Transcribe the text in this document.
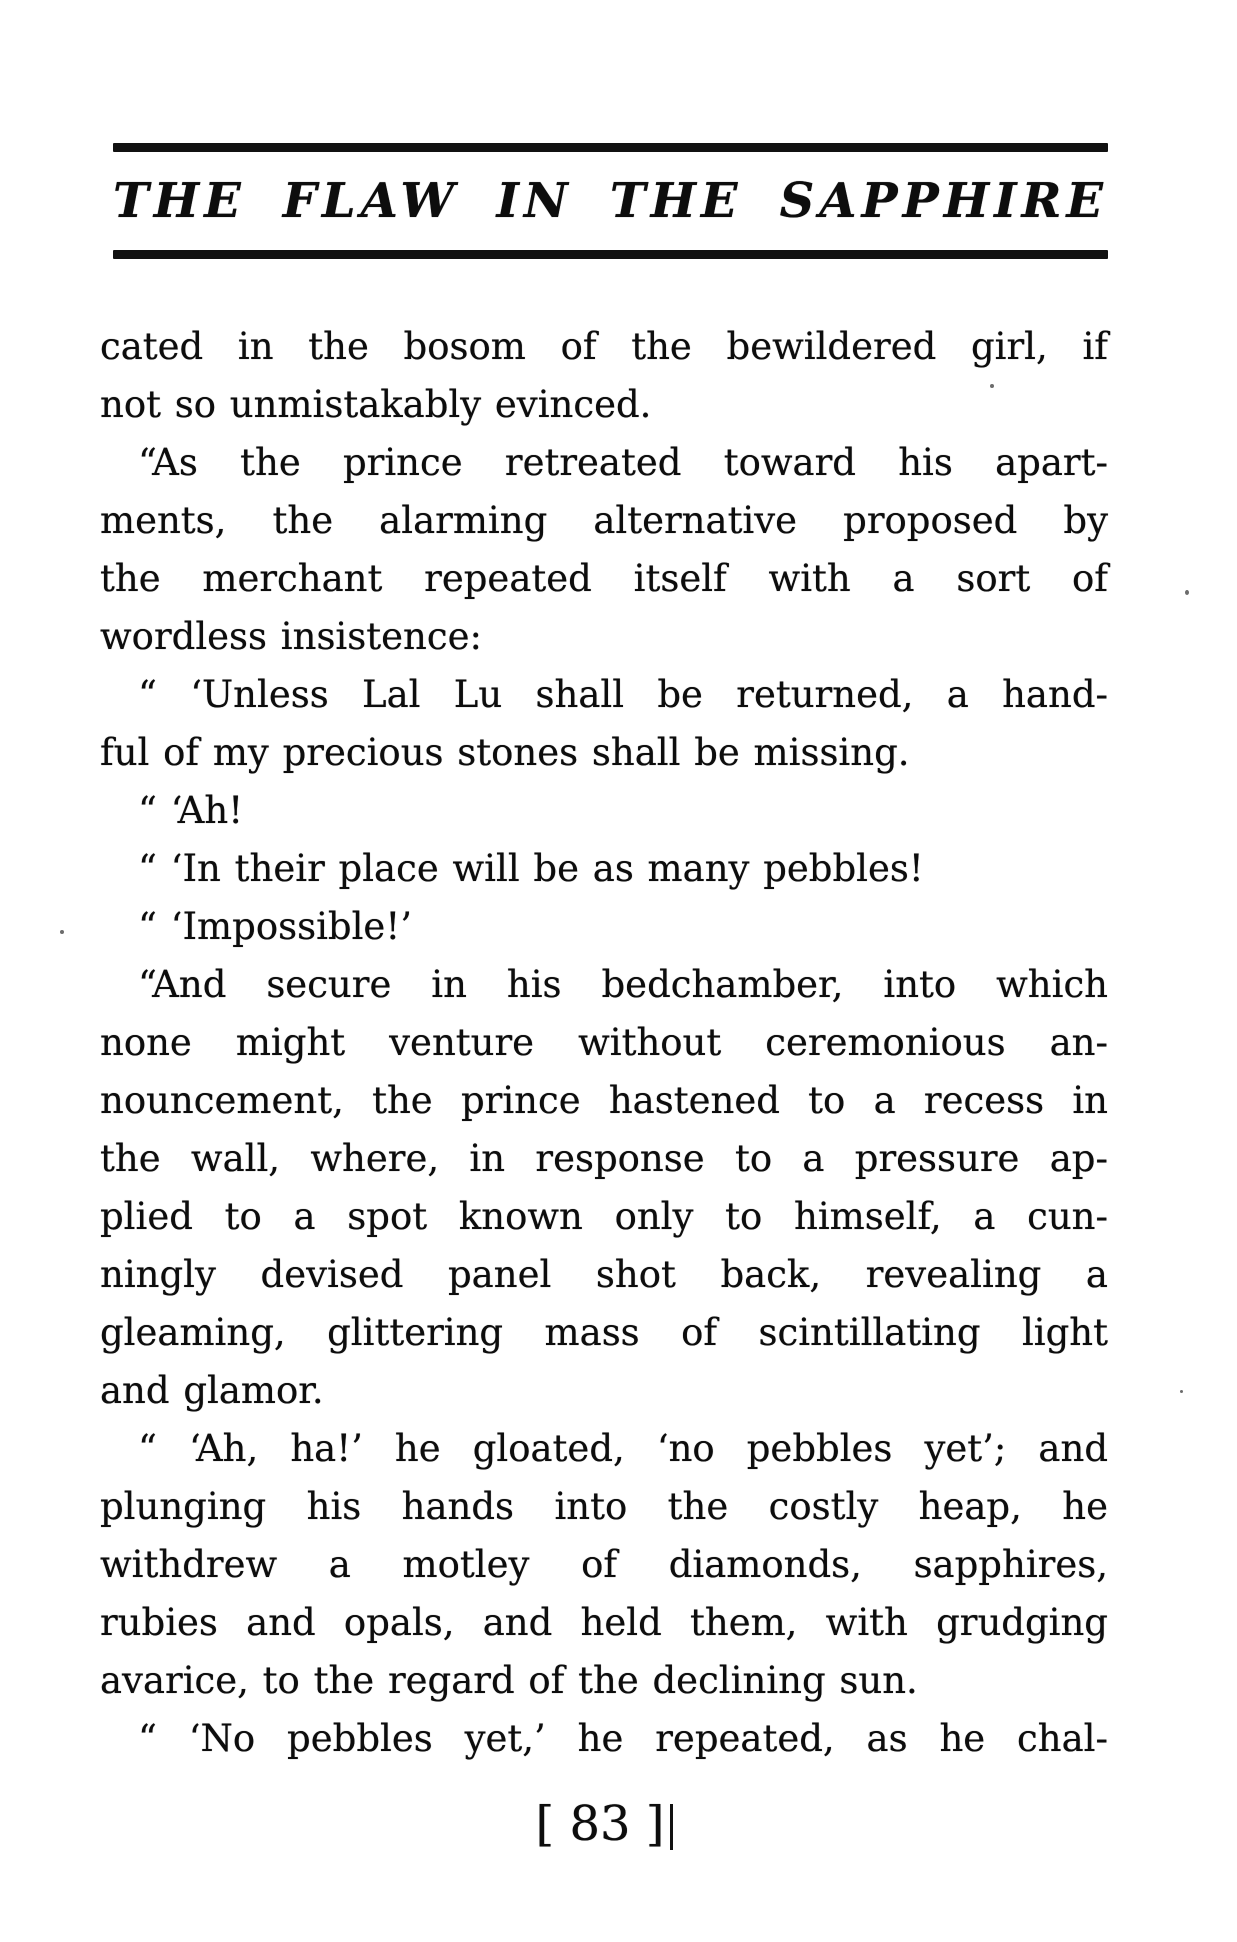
THE FLAW IN THE SAPPHIRE
cated in the bosom of the bewildered girl, if
not so unmistakably evinced.
“As the prince retreated toward his apart-
ments, the alarming alternative proposed by
the merchant repeated itself with a sort of
wordless insistence:
“ ‘Unless Lal Lu shall be returned, a hand-
ful of my precious stones shall be missing.
“ ‘Ah!
“ ‘In their place will be as many pebbles!
“ ‘Impossible!’
“And secure in his bedchamber, into which
none might venture without ceremonious an-
nouncement, the prince hastened to a recess in
the wall, where, in response to a pressure ap-
plied to a spot known only to himself, a cun-
ningly devised panel shot back, revealing a
gleaming, glittering mass of scintillating light
and glamor.
“ ‘Ah, ha!’ he gloated, ‘no pebbles yet’; and
plunging his hands into the costly heap, he
withdrew a motley of diamonds, sapphires,
rubies and opals, and held them, with grudging
avarice, to the regard of the declining sun.
“ ‘No pebbles yet,’ he repeated, as he chal-
[ 83 ]
